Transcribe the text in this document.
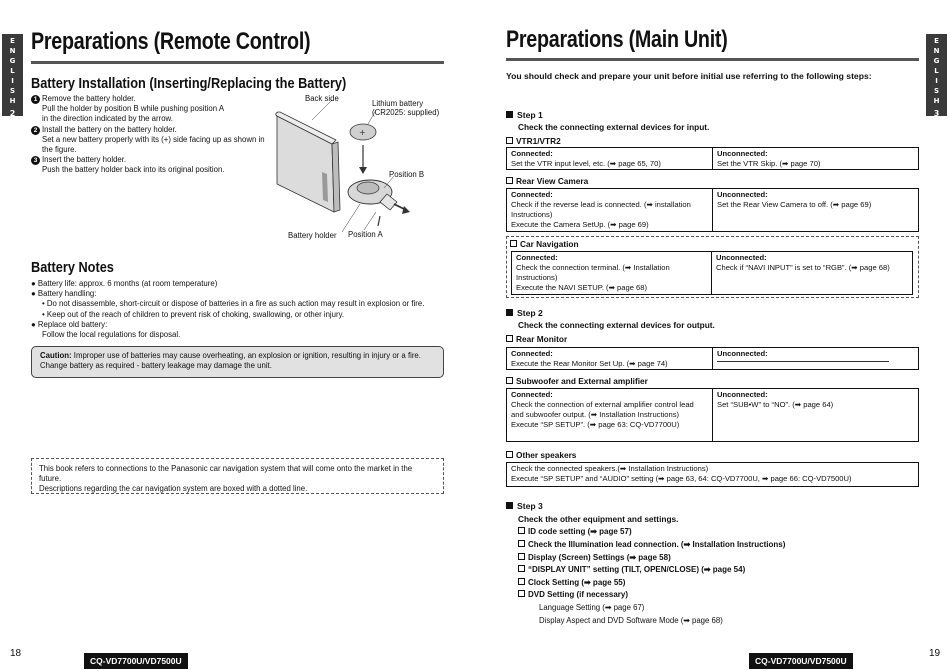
E
N
G
L
I
S
H
2
Preparations (Remote Control)
Battery Installation (Inserting/Replacing the Battery)
1 Remove the battery holder.
Pull the holder by position B while pushing position A
in the direction indicated by the arrow.
2 Install the battery on the battery holder.
Set a new battery properly with its (+) side facing up as shown in
the figure.
3 Insert the battery holder.
Push the battery holder back into its original position.
+
Back side
Lithium battery
(CR2025: supplied)
Position B
Position A
Battery holder
Battery Notes
● Battery life: approx. 6 months (at room temperature)
● Battery handling:
• Do not disassemble, short-circuit or dispose of batteries in a fire as such action may result in explosion or fire.
• Keep out of the reach of children to prevent risk of choking, swallowing, or other injury.
● Replace old battery:
Follow the local regulations for disposal.
Caution: Improper use of batteries may cause overheating, an explosion or ignition, resulting in injury or a fire.
Change battery as required - battery leakage may damage the unit.
This book refers to connections to the Panasonic car navigation system that will come onto the market in the future.
Descriptions regarding the car navigation system are boxed with a dotted line.
18
CQ-VD7700U/VD7500U
E
N
G
L
I
S
H
3
Preparations (Main Unit)
You should check and prepare your unit before initial use referring to the following steps:
Step 1
Check the connecting external devices for input.
VTR1/VTR2
Connected:
Set the VTR input level, etc. (➡ page 65, 70)
Unconnected:
Set the VTR Skip. (➡ page 70)
Rear View Camera
Connected:
Check if the reverse lead is connected. (➡ installation
Instructions)
Execute the Camera SetUp. (➡ page 69)
Unconnected:
Set the Rear View Camera to off. (➡ page 69)
Car Navigation
Connected:
Check the connection terminal. (➡ Installation
Instructions)
Execute the NAVI SETUP. (➡ page 68)
Unconnected:
Check if “NAVI INPUT” is set to “RGB”. (➡ page 68)
Step 2
Check the connecting external devices for output.
Rear Monitor
Connected:
Execute the Rear Monitor Set Up. (➡ page 74)
Unconnected:
Subwoofer and External amplifier
Connected:
Check the connection of external amplifier control lead
and subwoofer output. (➡ Installation Instructions)
Execute “SP SETUP”. (➡ page 63: CQ-VD7700U)
Unconnected:
Set “SUB•W” to “NO”. (➡ page 64)
Other speakers
Check the connected speakers.(➡ Installation Instructions)
Execute “SP SETUP” and “AUDIO” setting (➡ page 63, 64: CQ-VD7700U, ➡ page 66: CQ-VD7500U)
Step 3
Check the other equipment and settings.
ID code setting (➡ page 57)
Check the Illumination lead connection. (➡ Installation Instructions)
Display (Screen) Settings (➡ page 58)
“DISPLAY UNIT” setting (TILT, OPEN/CLOSE) (➡ page 54)
Clock Setting (➡ page 55)
DVD Setting (if necessary)
Language Setting (➡ page 67)
Display Aspect and DVD Software Mode (➡ page 68)
19
CQ-VD7700U/VD7500U
